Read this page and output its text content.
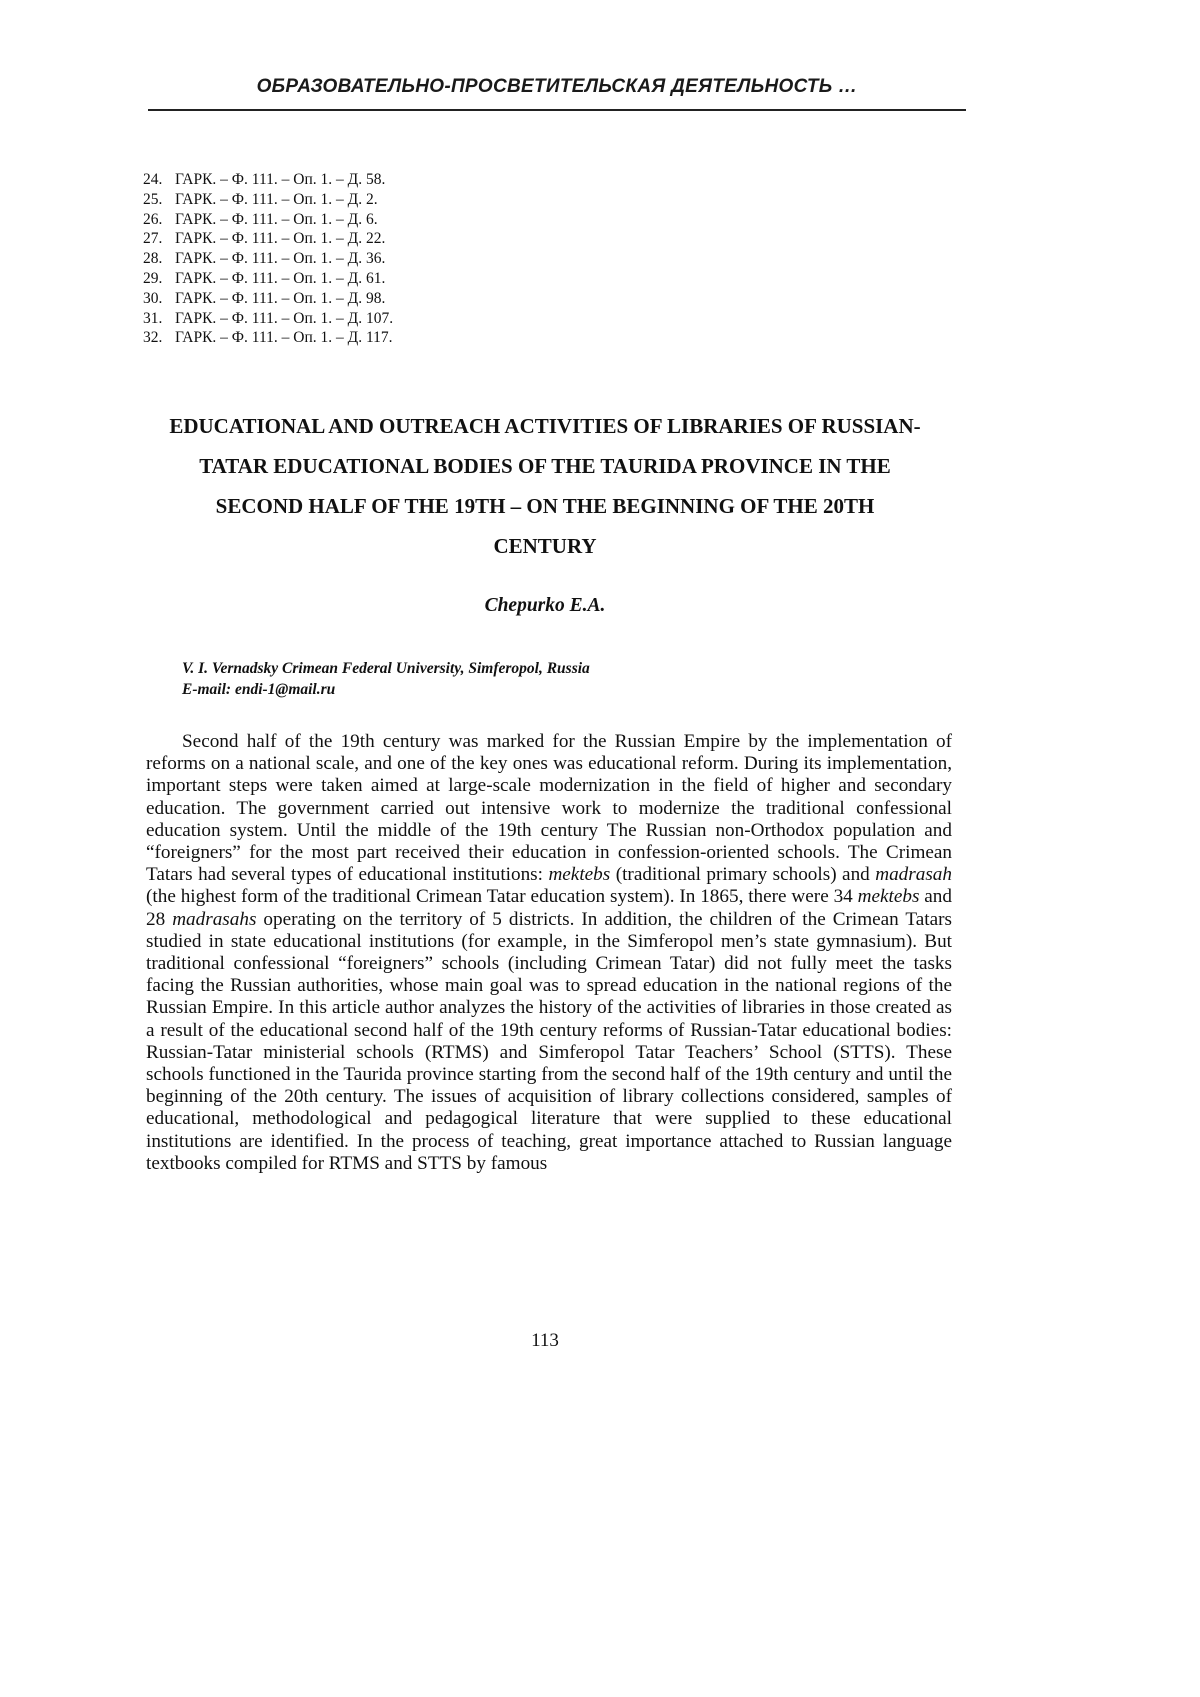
ОБРАЗОВАТЕЛЬНО-ПРОСВЕТИТЕЛЬСКАЯ ДЕЯТЕЛЬНОСТЬ …
24. ГАРК. – Ф. 111. – Оп. 1. – Д. 58.
25. ГАРК. – Ф. 111. – Оп. 1. – Д. 2.
26. ГАРК. – Ф. 111. – Оп. 1. – Д. 6.
27. ГАРК. – Ф. 111. – Оп. 1. – Д. 22.
28. ГАРК. – Ф. 111. – Оп. 1. – Д. 36.
29. ГАРК. – Ф. 111. – Оп. 1. – Д. 61.
30. ГАРК. – Ф. 111. – Оп. 1. – Д. 98.
31. ГАРК. – Ф. 111. – Оп. 1. – Д. 107.
32. ГАРК. – Ф. 111. – Оп. 1. – Д. 117.
EDUCATIONAL AND OUTREACH ACTIVITIES OF LIBRARIES OF RUSSIAN-
TATAR EDUCATIONAL BODIES OF THE TAURIDA PROVINCE IN THE
SECOND HALF OF THE 19TH – ON THE BEGINNING OF THE 20TH
CENTURY
Chepurko E.A.
V. I. Vernadsky Crimean Federal University, Simferopol, Russia
E-mail: endi-1@mail.ru

Second half of the 19th century was marked for the Russian Empire by the implementation of reforms on a national scale, and one of the key ones was educational reform. During its implementation, important steps were taken aimed at large-scale modernization in the field of higher and secondary education. The government carried out intensive work to modernize the traditional confessional education system. Until the middle of the 19th century The Russian non-Orthodox population and “foreigners” for the most part received their education in confession-oriented schools. The Crimean Tatars had several types of educational institutions: mektebs (traditional primary schools) and madrasah (the highest form of the traditional Crimean Tatar education system). In 1865, there were 34 mektebs and 28 madrasahs operating on the territory of 5 districts. In addition, the children of the Crimean Tatars studied in state educational institutions (for example, in the Simferopol men’s state gymnasium). But traditional confessional “foreigners” schools (including Crimean Tatar) did not fully meet the tasks facing the Russian authorities, whose main goal was to spread education in the national regions of the Russian Empire. In this article author analyzes the history of the activities of libraries in those created as a result of the educational second half of the 19th century reforms of Russian-Tatar educational bodies: Russian-Tatar ministerial schools (RTMS) and Simferopol Tatar Teachers’ School (STTS). These schools functioned in the Taurida province starting from the second half of the 19th century and until the beginning of the 20th century. The issues of acquisition of library collections considered, samples of educational, methodological and pedagogical literature that were supplied to these educational institutions are identified. In the process of teaching, great importance attached to Russian language textbooks compiled for RTMS and STTS by famous

113
